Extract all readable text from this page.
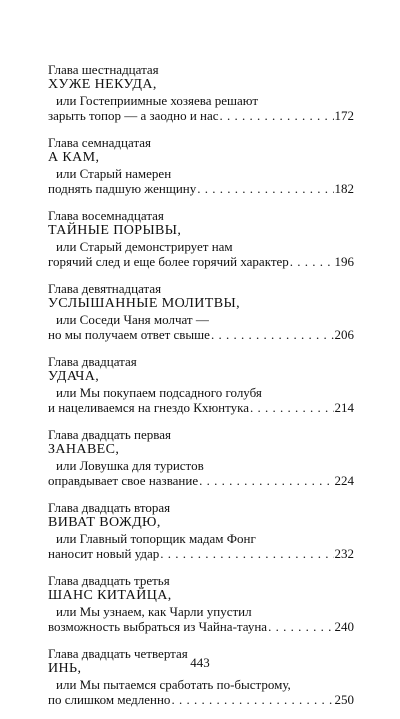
Глава шестнадцатая
ХУЖЕ НЕКУДА,
или Гостеприимные хозяева решают
зарыть топор — а заодно и нас . . .	172
Глава семнадцатая
А КАМ,
или Старый намерен
поднять падшую женщину . . .	182
Глава восемнадцатая
ТАЙНЫЕ ПОРЫВЫ,
или Старый демонстрирует нам
горячий след и еще более горячий характер . . .	196
Глава девятнадцатая
УСЛЫШАННЫЕ МОЛИТВЫ,
или Соседи Чаня молчат —
но мы получаем ответ свыше . . .	206
Глава двадцатая
УДАЧА,
или Мы покупаем подсадного голубя
и нацеливаемся на гнездо Кхюнтука . . .	214
Глава двадцать первая
ЗАНАВЕС,
или Ловушка для туристов
оправдывает свое название . . .	224
Глава двадцать вторая
ВИВАТ ВОЖДЮ,
или Главный топорщик мадам Фонг
наносит новый удар . . .	232
Глава двадцать третья
ШАНС КИТАЙЦА,
или Мы узнаем, как Чарли упустил
возможность выбраться из Чайна-тауна . . .	240
Глава двадцать четвертая
ИНЬ,
или Мы пытаемся сработать по-быстрому,
по слишком медленно . . .	250
443
